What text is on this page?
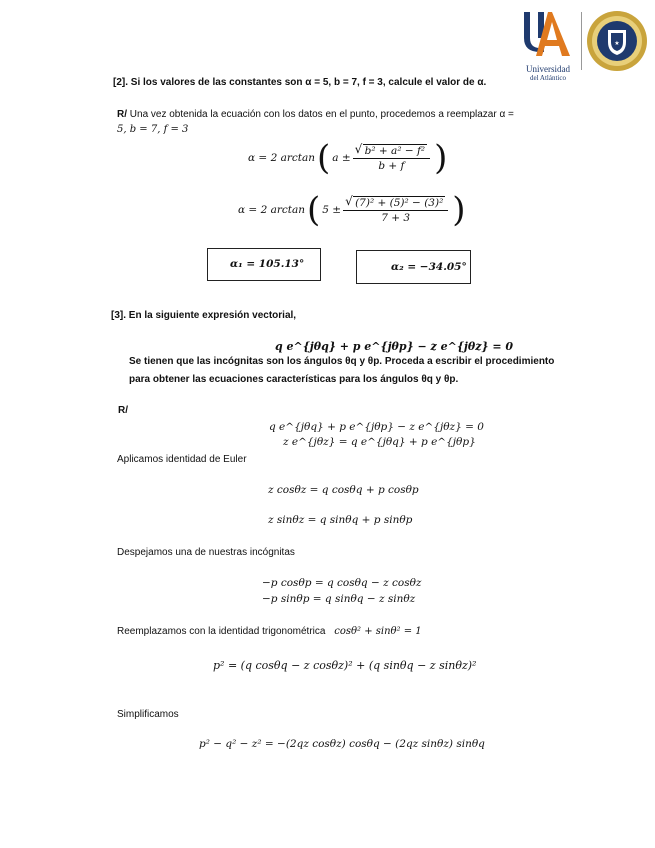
Universidad
del Atlántico
★
[2]. Si los valores de las constantes son α = 5, b = 7, f = 3, calcule el valor de α.
R/ Una vez obtenida la ecuación con los datos en el punto, procedemos a reemplazar α =
5, b = 7, f = 3
α = 2 arctan ( a ± √ $\frac{\text{b² + a² − f²}}{b + f}$ )
α = 2 arctan ( 5 ± √ $\frac{\text{(7)² + (5)² − (3)²}}{7 + 3}$ )
α₁ = 105.13°	α₂ = −34.05°
[3]. En la siguiente expresión vectorial,
q e^{jθq} + p e^{jθp} − z e^{jθz} = 0
Se tienen que las incógnitas son los ángulos θq y θp. Proceda a escribir el procedimiento
para obtener las ecuaciones características para los ángulos θq y θp.
R/
q e^{jθq} + p e^{jθp} − z e^{jθz} = 0
z e^{jθz} = q e^{jθq} + p e^{jθp}
Aplicamos identidad de Euler
z cosθz = q cosθq + p cosθp
z sinθz = q sinθq + p sinθp
Despejamos una de nuestras incógnitas
−p cosθp = q cosθq − z cosθz
−p sinθp = q sinθq − z sinθz
Reemplazamos con la identidad trigonométrica cosθ² + sinθ² = 1
p² = (q cosθq − z cosθz)² + (q sinθq − z sinθz)²
Simplificamos
p² − q² − z² = −(2qz cosθz) cosθq − (2qz sinθz) sinθq
